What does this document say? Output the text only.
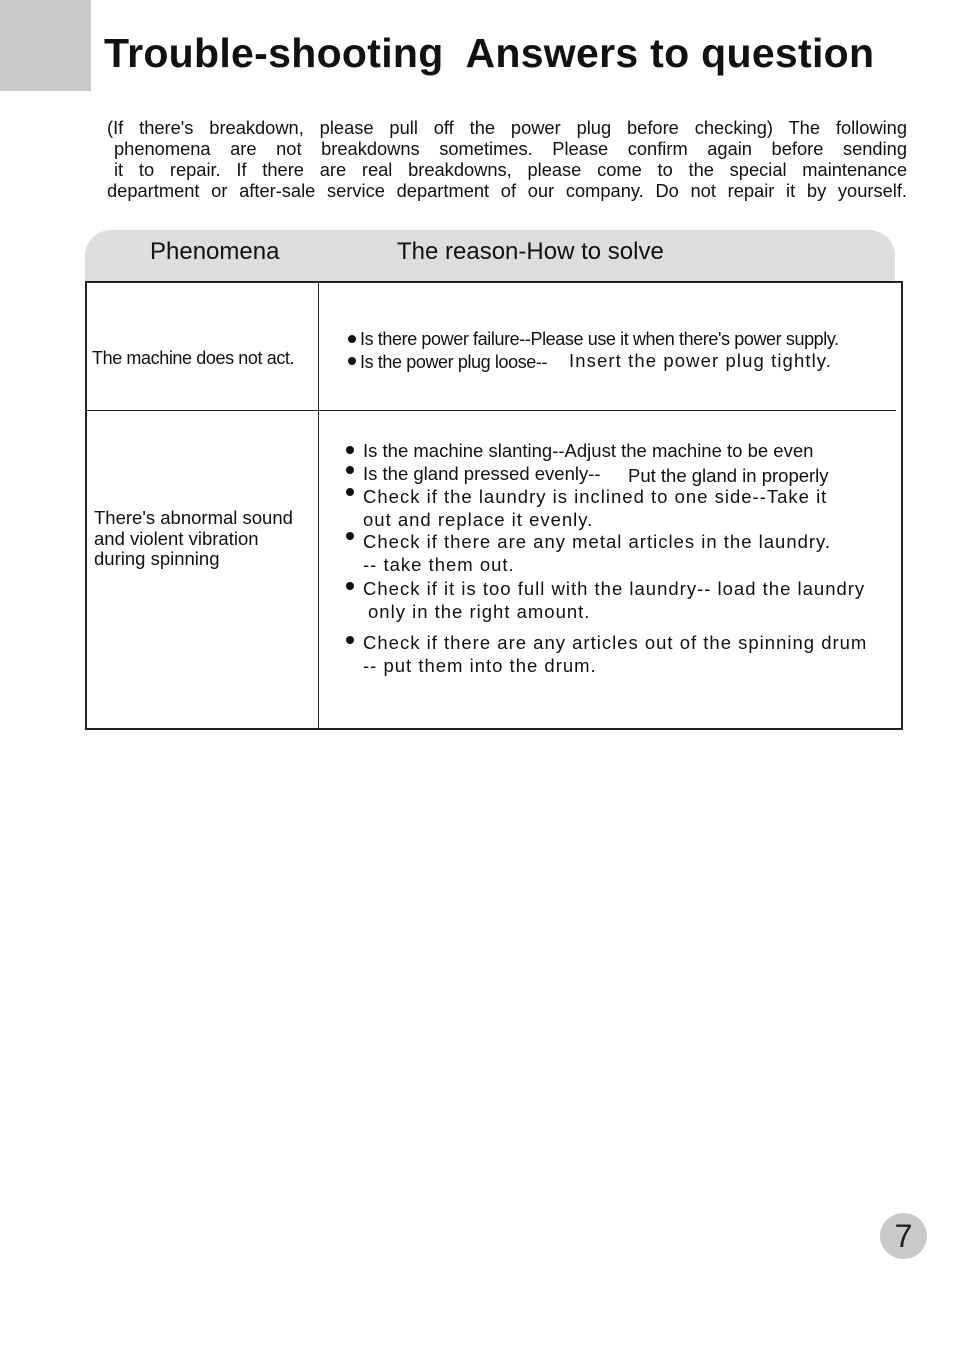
Trouble-shooting  Answers to question
(If there's breakdown, please pull off the power plug before checking) The following
phenomena are not breakdowns sometimes. Please confirm again before sending
it to repair. If there are real breakdowns, please come to the special maintenance
department or after-sale service department of our company. Do not repair it by yourself.
Phenomena	The reason-How to solve
The machine does not act.
Is there power failure--Please use it when there's power supply.
Is the power plug loose-- Insert the power plug tightly.
There's abnormal sound
and violent vibration
during spinning
Is the machine slanting--Adjust the machine to be even
Is the gland pressed evenly-- Put the gland in properly
Check if the laundry is inclined to one side--Take it
out and replace it evenly.
Check if there are any metal articles in the laundry.
-- take them out.
Check if it is too full with the laundry-- load the laundry
only in the right amount.
Check if there are any articles out of the spinning drum
-- put them into the drum.
7
